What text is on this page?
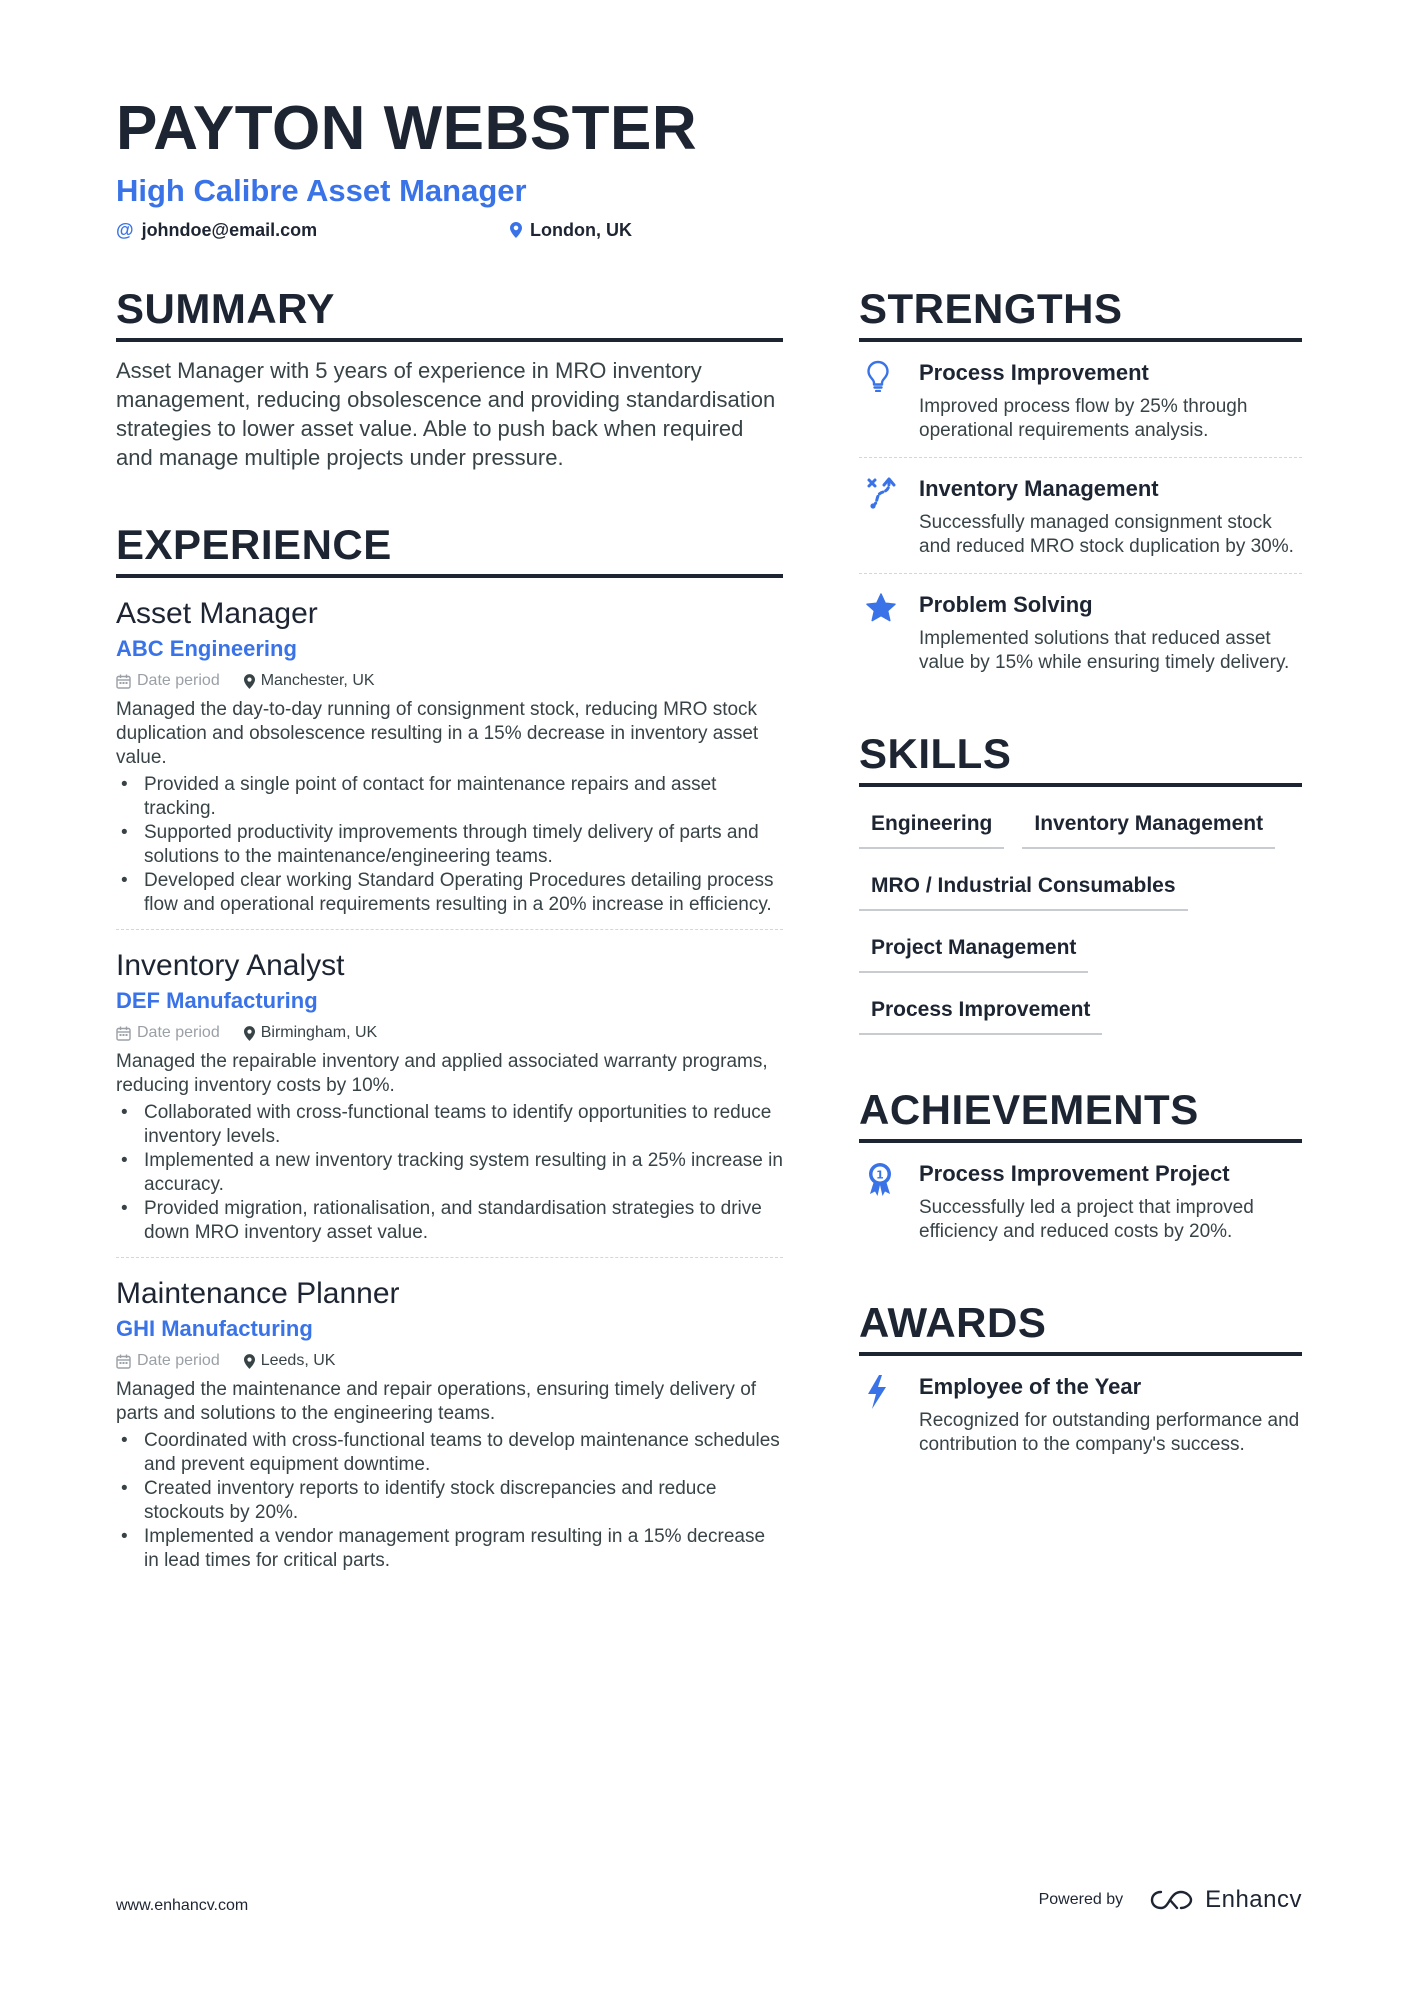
PAYTON WEBSTER
High Calibre Asset Manager
@ johndoe@email.com	London, UK
SUMMARY

Asset Manager with 5 years of experience in MRO inventory management, reducing obsolescence and providing standardisation strategies to lower asset value. Able to push back when required and manage multiple projects under pressure.

EXPERIENCE
Asset Manager
ABC Engineering
Date period	Manchester, UK

Managed the day-to-day running of consignment stock, reducing MRO stock duplication and obsolescence resulting in a 15% decrease in inventory asset value.

• Provided a single point of contact for maintenance repairs and asset tracking.
• Supported productivity improvements through timely delivery of parts and solutions to the maintenance/engineering teams.
• Developed clear working Standard Operating Procedures detailing process flow and operational requirements resulting in a 20% increase in efficiency.
Inventory Analyst
DEF Manufacturing
Date period	Birmingham, UK

Managed the repairable inventory and applied associated warranty programs, reducing inventory costs by 10%.

• Collaborated with cross-functional teams to identify opportunities to reduce inventory levels.
• Implemented a new inventory tracking system resulting in a 25% increase in accuracy.
• Provided migration, rationalisation, and standardisation strategies to drive down MRO inventory asset value.
Maintenance Planner
GHI Manufacturing
Date period	Leeds, UK

Managed the maintenance and repair operations, ensuring timely delivery of parts and solutions to the engineering teams.

• Coordinated with cross-functional teams to develop maintenance schedules and prevent equipment downtime.
• Created inventory reports to identify stock discrepancies and reduce stockouts by 20%.
• Implemented a vendor management program resulting in a 15% decrease in lead times for critical parts.
STRENGTHS
Process Improvement
Improved process flow by 25% through operational requirements analysis.
Inventory Management
Successfully managed consignment stock and reduced MRO stock duplication by 30%.
Problem Solving
Implemented solutions that reduced asset value by 15% while ensuring timely delivery.
SKILLS
Engineering	Inventory Management
MRO / Industrial Consumables
Project Management
Process Improvement
ACHIEVEMENTS
1 Process Improvement Project
Successfully led a project that improved efficiency and reduced costs by 20%.
AWARDS
Employee of the Year
Recognized for outstanding performance and contribution to the company's success.
www.enhancv.com	Powered by	Enhancv
